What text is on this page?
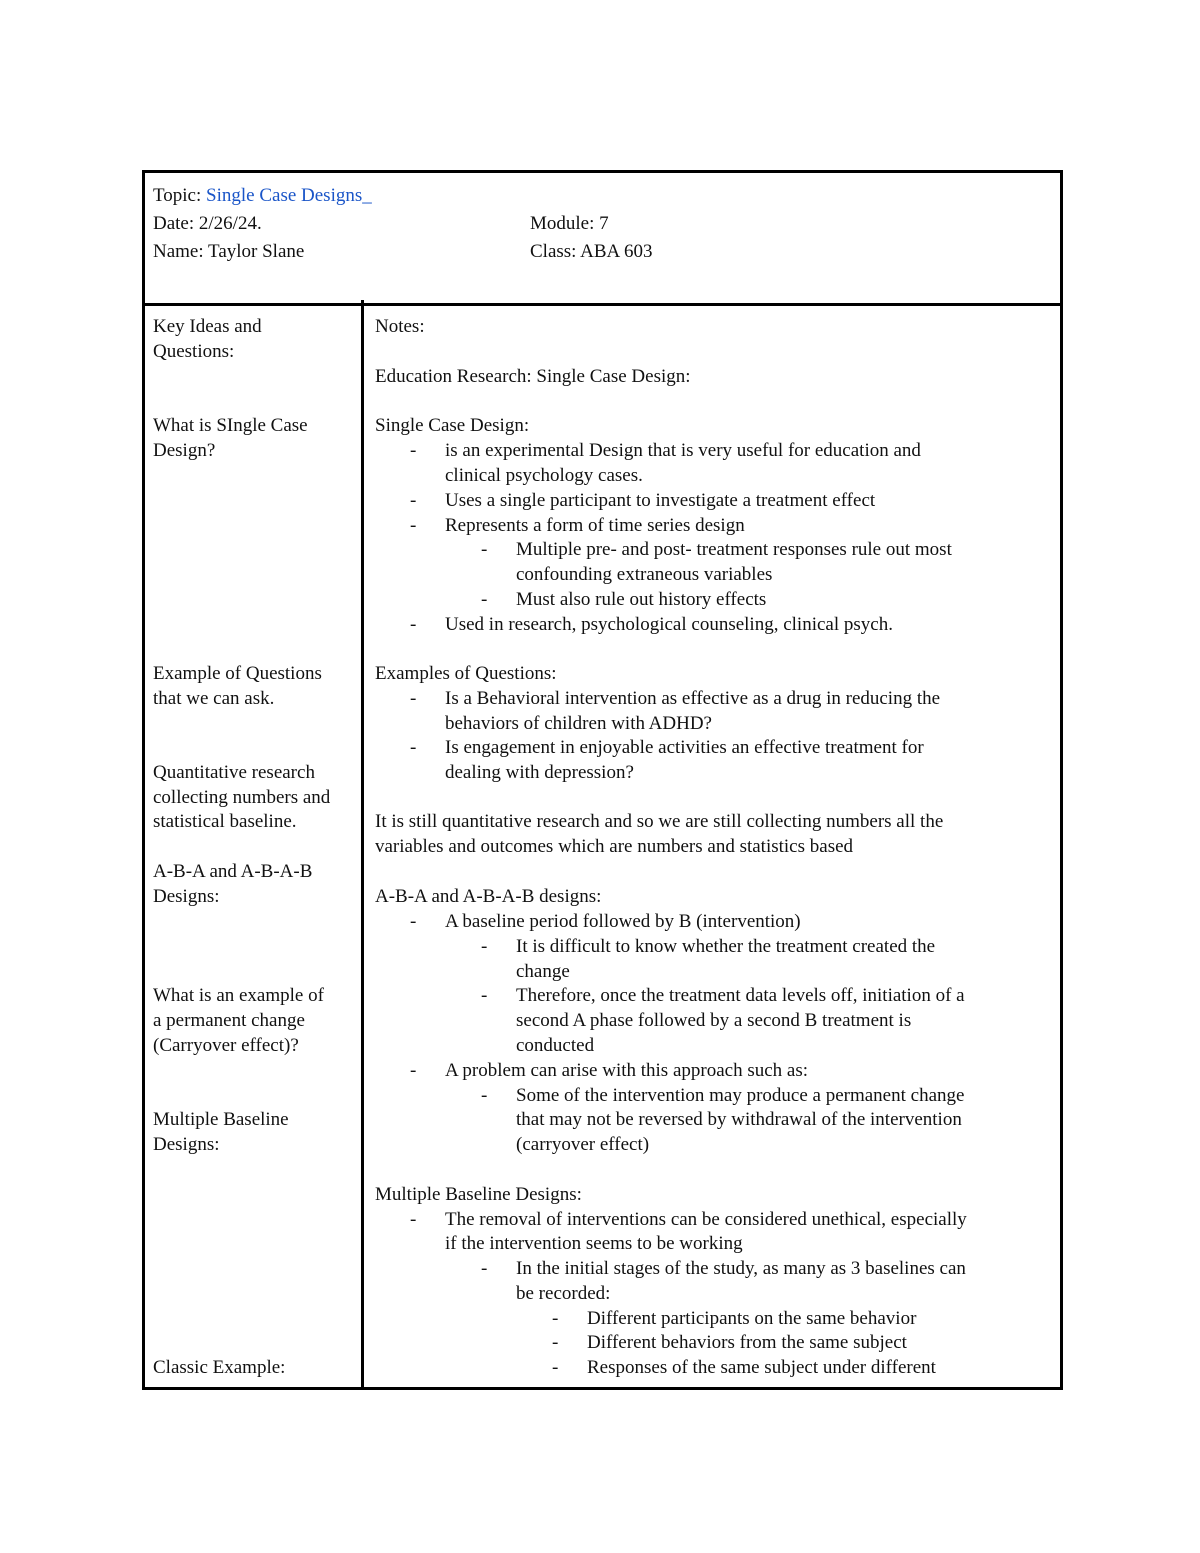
Topic: Single Case Designs_
Date: 2/26/24.	Module: 7
Name: Taylor Slane	Class: ABA 603
Key Ideas and
Questions:
What is SIngle Case
Design?
Example of Questions
that we can ask.
Quantitative research
collecting numbers and
statistical baseline.
A-B-A and A-B-A-B
Designs:
What is an example of
a permanent change
(Carryover effect)?
Multiple Baseline
Designs:
Classic Example:
Notes:
Education Research: Single Case Design:
Single Case Design:
- is an experimental Design that is very useful for education and
clinical psychology cases.
- Uses a single participant to investigate a treatment effect
- Represents a form of time series design
- Multiple pre- and post- treatment responses rule out most
confounding extraneous variables
- Must also rule out history effects
- Used in research, psychological counseling, clinical psych.
Examples of Questions:
- Is a Behavioral intervention as effective as a drug in reducing the
behaviors of children with ADHD?
- Is engagement in enjoyable activities an effective treatment for
dealing with depression?
It is still quantitative research and so we are still collecting numbers all the
variables and outcomes which are numbers and statistics based
A-B-A and A-B-A-B designs:
- A baseline period followed by B (intervention)
- It is difficult to know whether the treatment created the
change
- Therefore, once the treatment data levels off, initiation of a
second A phase followed by a second B treatment is
conducted
- A problem can arise with this approach such as:
- Some of the intervention may produce a permanent change
that may not be reversed by withdrawal of the intervention
(carryover effect)
Multiple Baseline Designs:
- The removal of interventions can be considered unethical, especially
if the intervention seems to be working
- In the initial stages of the study, as many as 3 baselines can
be recorded:
- Different participants on the same behavior
- Different behaviors from the same subject
- Responses of the same subject under different
